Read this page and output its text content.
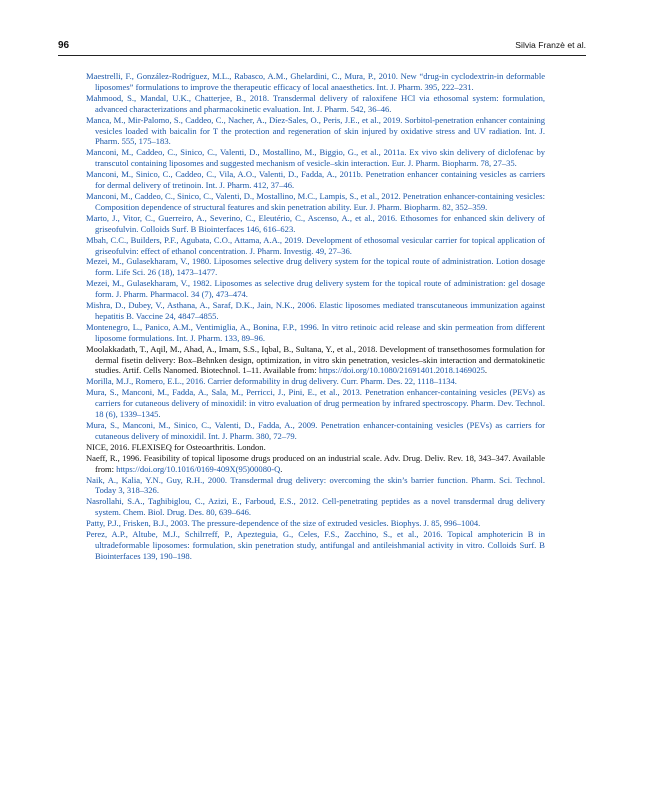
96	Silvia Franzè et al.
Maestrelli, F., González-Rodríguez, M.L., Rabasco, A.M., Ghelardini, C., Mura, P., 2010. New “drug-in cyclodextrin-in deformable liposomes” formulations to improve the therapeutic efficacy of local anaesthetics. Int. J. Pharm. 395, 222–231.
Mahmood, S., Mandal, U.K., Chatterjee, B., 2018. Transdermal delivery of raloxifene HCl via ethosomal system: formulation, advanced characterizations and pharmacokinetic evaluation. Int. J. Pharm. 542, 36–46.
Manca, M., Mir-Palomo, S., Caddeo, C., Nacher, A., Díez-Sales, O., Peris, J.E., et al., 2019. Sorbitol-penetration enhancer containing vesicles loaded with baicalin for T the protection and regeneration of skin injured by oxidative stress and UV radiation. Int. J. Pharm. 555, 175–183.
Manconi, M., Caddeo, C., Sinico, C., Valenti, D., Mostallino, M., Biggio, G., et al., 2011a. Ex vivo skin delivery of diclofenac by transcutol containing liposomes and suggested mechanism of vesicle–skin interaction. Eur. J. Pharm. Biopharm. 78, 27–35.
Manconi, M., Sinico, C., Caddeo, C., Vila, A.O., Valenti, D., Fadda, A., 2011b. Penetration enhancer containing vesicles as carriers for dermal delivery of tretinoin. Int. J. Pharm. 412, 37–46.
Manconi, M., Caddeo, C., Sinico, C., Valenti, D., Mostallino, M.C., Lampis, S., et al., 2012. Penetration enhancer-containing vesicles: Composition dependence of structural features and skin penetration ability. Eur. J. Pharm. Biopharm. 82, 352–359.
Marto, J., Vitor, C., Guerreiro, A., Severino, C., Eleutério, C., Ascenso, A., et al., 2016. Ethosomes for enhanced skin delivery of griseofulvin. Colloids Surf. B Biointerfaces 146, 616–623.
Mbah, C.C., Builders, P.F., Agubata, C.O., Attama, A.A., 2019. Development of ethosomal vesicular carrier for topical application of griseofulvin: effect of ethanol concentration. J. Pharm. Investig. 49, 27–36.
Mezei, M., Gulasekharam, V., 1980. Liposomes selective drug delivery system for the topical route of administration. Lotion dosage form. Life Sci. 26 (18), 1473–1477.
Mezei, M., Gulasekharam, V., 1982. Liposomes as selective drug delivery system for the topical route of administration: gel dosage form. J. Pharm. Pharmacol. 34 (7), 473–474.
Mishra, D., Dubey, V., Asthana, A., Saraf, D.K., Jain, N.K., 2006. Elastic liposomes mediated transcutaneous immunization against hepatitis B. Vaccine 24, 4847–4855.
Montenegro, L., Panico, A.M., Ventimiglia, A., Bonina, F.P., 1996. In vitro retinoic acid release and skin permeation from different liposome formulations. Int. J. Pharm. 133, 89–96.
Moolakkadath, T., Aqil, M., Ahad, A., Imam, S.S., Iqbal, B., Sultana, Y., et al., 2018. Development of transethosomes formulation for dermal fisetin delivery: Box–Behnken design, optimization, in vitro skin penetration, vesicles–skin interaction and dermatokinetic studies. Artif. Cells Nanomed. Biotechnol. 1–11. Available from: https://doi.org/10.1080/21691401.2018.1469025.
Morilla, M.J., Romero, E.L., 2016. Carrier deformability in drug delivery. Curr. Pharm. Des. 22, 1118–1134.
Mura, S., Manconi, M., Fadda, A., Sala, M., Perricci, J., Pini, E., et al., 2013. Penetration enhancer-containing vesicles (PEVs) as carriers for cutaneous delivery of minoxidil: in vitro evaluation of drug permeation by infrared spectroscopy. Pharm. Dev. Technol. 18 (6), 1339–1345.
Mura, S., Manconi, M., Sinico, C., Valenti, D., Fadda, A., 2009. Penetration enhancer-containing vesicles (PEVs) as carriers for cutaneous delivery of minoxidil. Int. J. Pharm. 380, 72–79.
NICE, 2016. FLEXISEQ for Osteoarthritis. London.
Naeff, R., 1996. Feasibility of topical liposome drugs produced on an industrial scale. Adv. Drug. Deliv. Rev. 18, 343–347. Available from: https://doi.org/10.1016/0169-409X(95)00080-Q.
Naik, A., Kalia, Y.N., Guy, R.H., 2000. Transdermal drug delivery: overcoming the skin’s barrier function. Pharm. Sci. Technol. Today 3, 318–326.
Nasrollahi, S.A., Taghibiglou, C., Azizi, E., Farboud, E.S., 2012. Cell-penetrating peptides as a novel transdermal drug delivery system. Chem. Biol. Drug. Des. 80, 639–646.
Patty, P.J., Frisken, B.J., 2003. The pressure-dependence of the size of extruded vesicles. Biophys. J. 85, 996–1004.
Perez, A.P., Altube, M.J., Schilrreff, P., Apezteguia, G., Celes, F.S., Zacchino, S., et al., 2016. Topical amphotericin B in ultradeformable liposomes: formulation, skin penetration study, antifungal and antileishmanial activity in vitro. Colloids Surf. B Biointerfaces 139, 190–198.
